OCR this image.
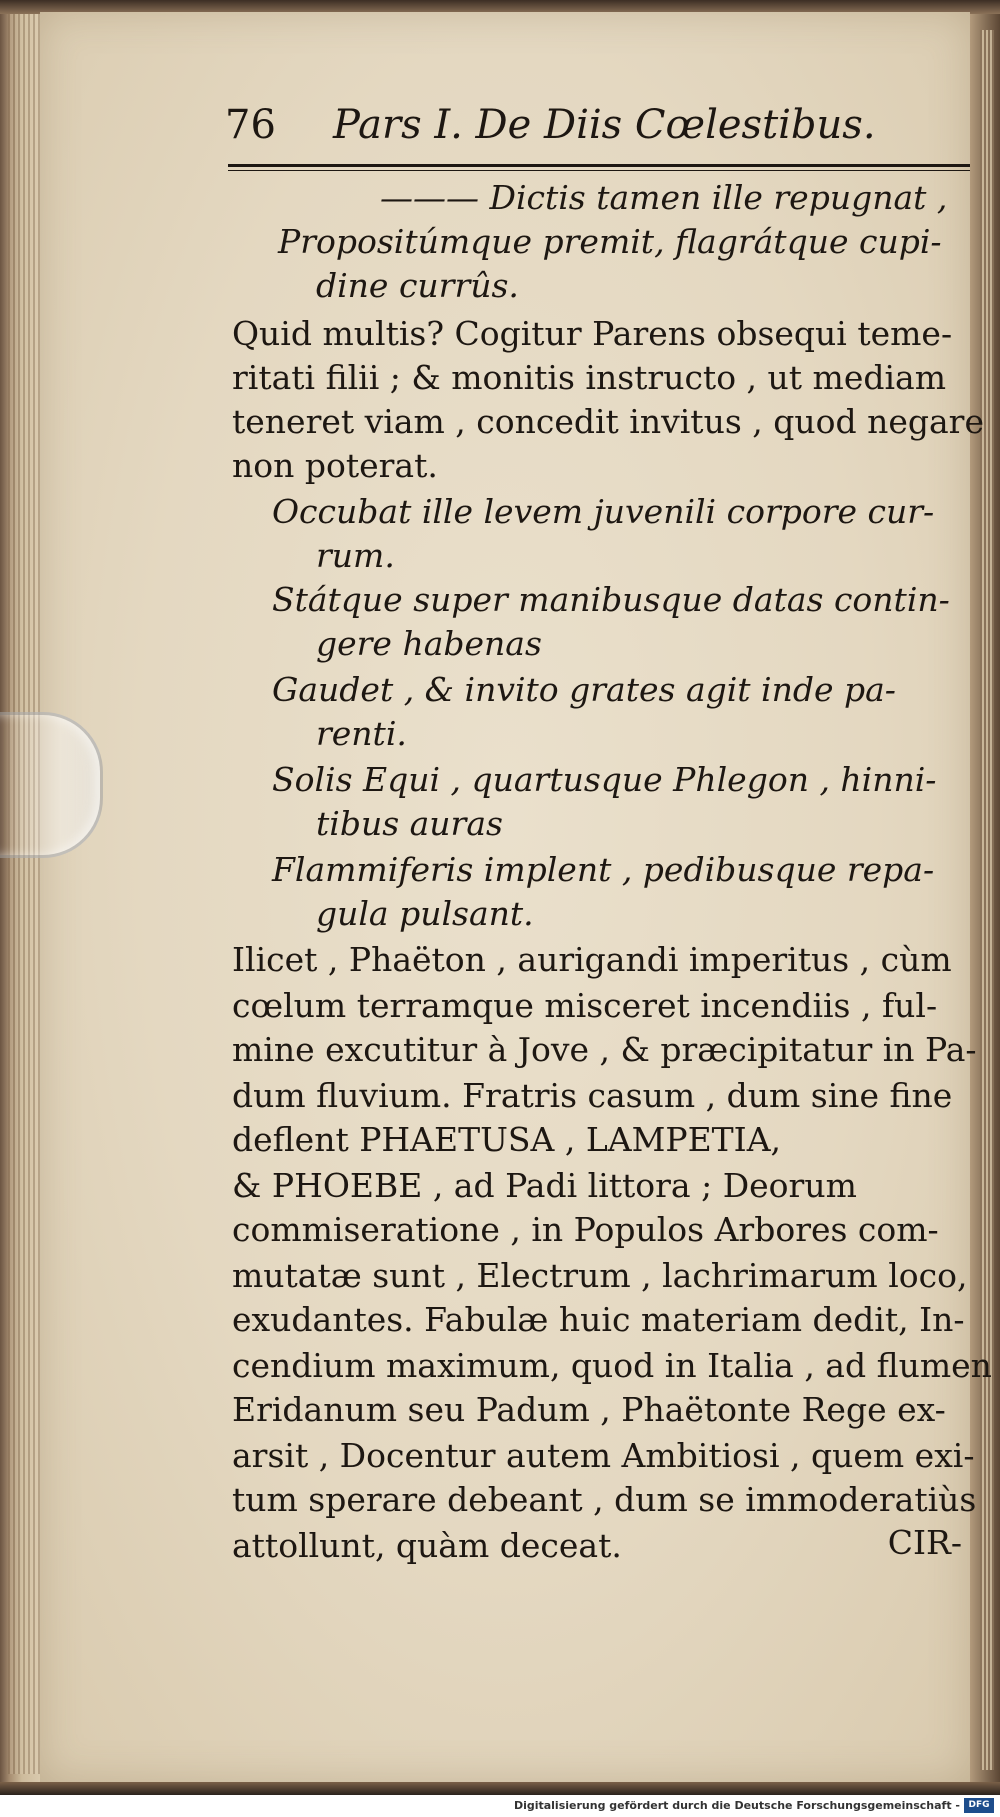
76 Pars I. De Diis Cœlestibus.
——— Dictis tamen ille repugnat ,
Propositúmque premit, flagrátque cupi-
dine currûs.
Quid multis? Cogitur Parens obsequi teme-
ritati filii ; & monitis instructo , ut mediam
teneret viam , concedit invitus , quod negare
non poterat.
Occubat ille levem juvenili corpore cur-
rum.
Státque super manibusque datas contin-
gere habenas
Gaudet , & invito grates agit inde pa-
renti.
Solis Equi , quartusque Phlegon , hinni-
tibus auras
Flammiferis implent , pedibusque repa-
gula pulsant.
Ilicet , Phaëton , aurigandi imperitus , cùm
cœlum terramque misceret incendiis , ful-
mine excutitur à Jove , & præcipitatur in Pa-
dum fluvium. Fratris casum , dum sine fine
deflent PHAETUSA , LAMPETIA,
& PHOEBE , ad Padi littora ; Deorum
commiseratione , in Populos Arbores com-
mutatæ sunt , Electrum , lachrimarum loco,
exudantes. Fabulæ huic materiam dedit, In-
cendium maximum, quod in Italia , ad flumen
Eridanum seu Padum , Phaëtonte Rege ex-
arsit , Docentur autem Ambitiosi , quem exi-
tum sperare debeant , dum se immoderatiùs
attollunt, quàm deceat.	CIR-
Digitalisierung gefördert durch die Deutsche Forschungsgemeinschaft - DFG
